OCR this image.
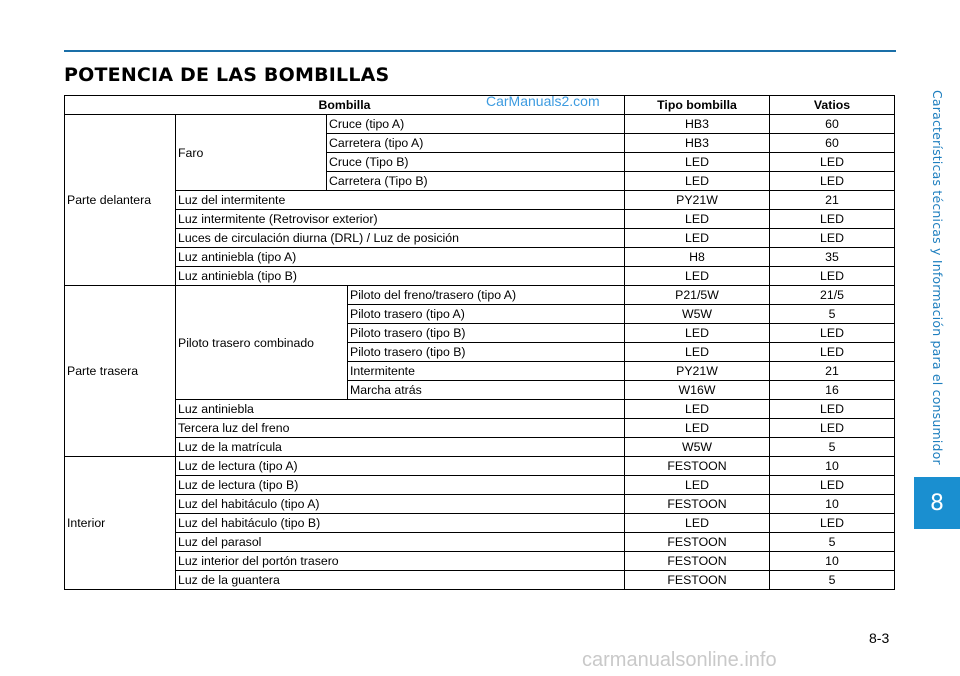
POTENCIA DE LAS BOMBILLAS
CarManuals2.com	Características técnicas y Información para el consumidor
8
8-3
carmanualsonline.info
Bombilla				Tipo bombilla	Vatios
Parte delantera	Faro	Cruce (tipo A)		HB3	60
		Carretera (tipo A)		HB3	60
		Cruce (Tipo B)		LED	LED
		Carretera (Tipo B)		LED	LED
	Luz del intermitente			PY21W	21
	Luz intermitente (Retrovisor exterior)			LED	LED
	Luces de circulación diurna (DRL) / Luz de posición			LED	LED
	Luz antiniebla (tipo A)			H8	35
	Luz antiniebla (tipo B)			LED	LED
Parte trasera	Piloto trasero combinado		Piloto del freno/trasero (tipo A)	P21/5W	21/5
			Piloto trasero (tipo A)	W5W	5
			Piloto trasero (tipo B)	LED	LED
			Piloto trasero (tipo B)	LED	LED
			Intermitente	PY21W	21
			Marcha atrás	W16W	16
	Luz antiniebla			LED	LED
	Tercera luz del freno			LED	LED
	Luz de la matrícula			W5W	5
Interior	Luz de lectura (tipo A)			FESTOON	10
	Luz de lectura (tipo B)			LED	LED
	Luz del habitáculo (tipo A)			FESTOON	10
	Luz del habitáculo (tipo B)			LED	LED
	Luz del parasol			FESTOON	5
	Luz interior del portón trasero			FESTOON	10
	Luz de la guantera			FESTOON	5
